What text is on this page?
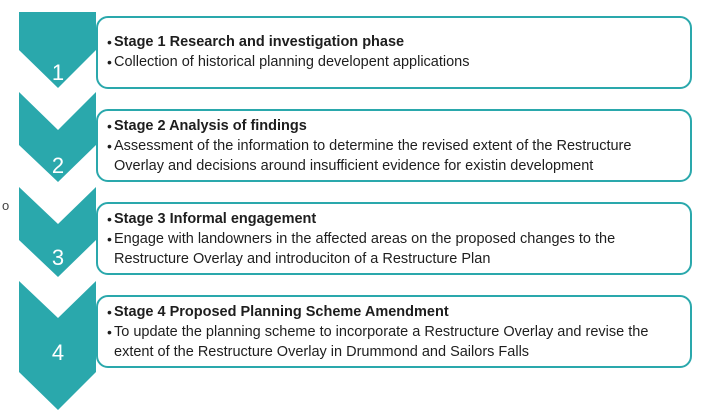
o
1
2
3
4
• Stage 1 Research and investigation phase
• Collection of historical planning developent applications
• Stage 2 Analysis of findings
• Assessment of the information to determine the revised extent of the Restructure Overlay and decisions around insufficient evidence for existin development
• Stage 3 Informal engagement
• Engage with landowners in the affected areas on the proposed changes to the Restructure Overlay and introduciton of a Restructure Plan
• Stage 4 Proposed Planning Scheme Amendment
• To update the planning scheme to incorporate a Restructure Overlay and revise the extent of the Restructure Overlay in Drummond and Sailors Falls
